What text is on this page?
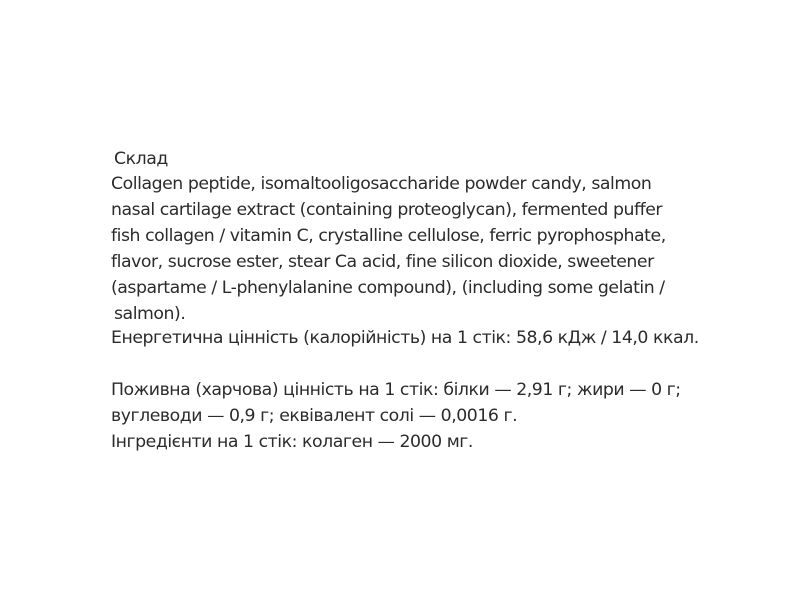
Склад
Collagen peptide, isomaltooligosaccharide powder candy, salmon
nasal cartilage extract (containing proteoglycan), fermented puffer
fish collagen / vitamin C, crystalline cellulose, ferric pyrophosphate,
flavor, sucrose ester, stear Ca acid, fine silicon dioxide, sweetener
(aspartame / L-phenylalanine compound), (including some gelatin /
salmon).
Енергетична цінність (калорійність) на 1 стік: 58,6 кДж / 14,0 ккал.
Поживна (харчова) цінність на 1 стік: білки — 2,91 г; жири — 0 г;
вуглеводи — 0,9 г; еквівалент солі — 0,0016 г.
Інгредієнти на 1 стік: колаген — 2000 мг.
